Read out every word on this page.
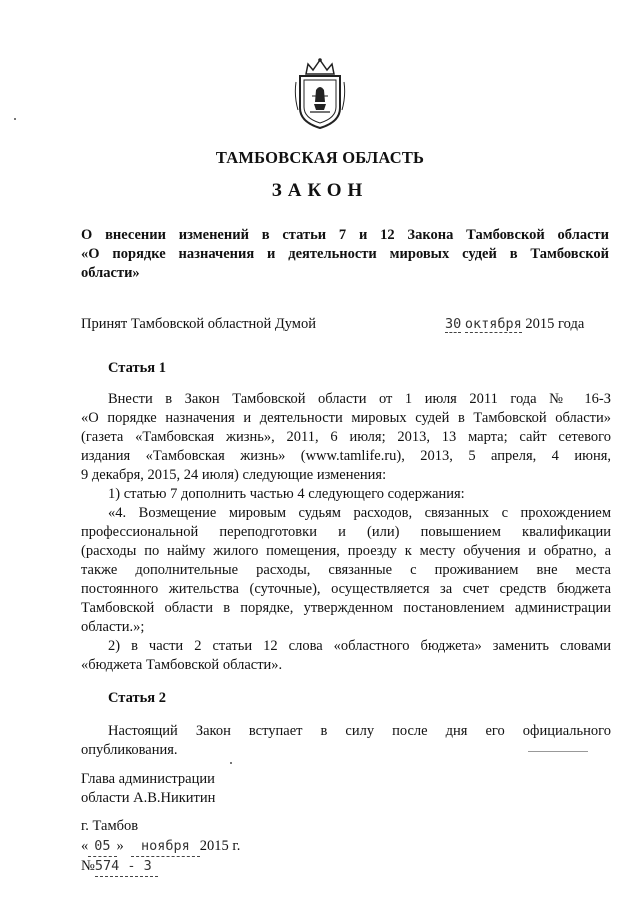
ТАМБОВСКАЯ ОБЛАСТЬ
ЗАКОН
О внесении изменений в статьи 7 и 12 Закона Тамбовской области
«О порядке назначения и деятельности мировых судей в Тамбовской
области»
Принят Тамбовской областной Думой	30 октября 2015 года
Статья 1
Внести в Закон Тамбовской области от 1 июля 2011 года № 16-З
«О порядке назначения и деятельности мировых судей в Тамбовской области»
(газета «Тамбовская жизнь», 2011, 6 июля; 2013, 13 марта; сайт сетевого
издания «Тамбовская жизнь» (www.tamlife.ru), 2013, 5 апреля, 4 июня,
9 декабря, 2015, 24 июля) следующие изменения:
1) статью 7 дополнить частью 4 следующего содержания:
«4. Возмещение мировым судьям расходов, связанных с прохождением
профессиональной переподготовки и (или) повышением квалификации
(расходы по найму жилого помещения, проезду к месту обучения и обратно, а
также дополнительные расходы, связанные с проживанием вне места
постоянного жительства (суточные), осуществляется за счет средств бюджета
Тамбовской области в порядке, утвержденном постановлением администрации
области.»;
2) в части 2 статьи 12 слова «областного бюджета» заменить словами
«бюджета Тамбовской области».
Статья 2
Настоящий Закон вступает в силу после дня его официального
опубликования.
Глава администрации
области А.В.Никитин
г. Тамбов
« 05 »  ноября 2015 г.
№574 - З
